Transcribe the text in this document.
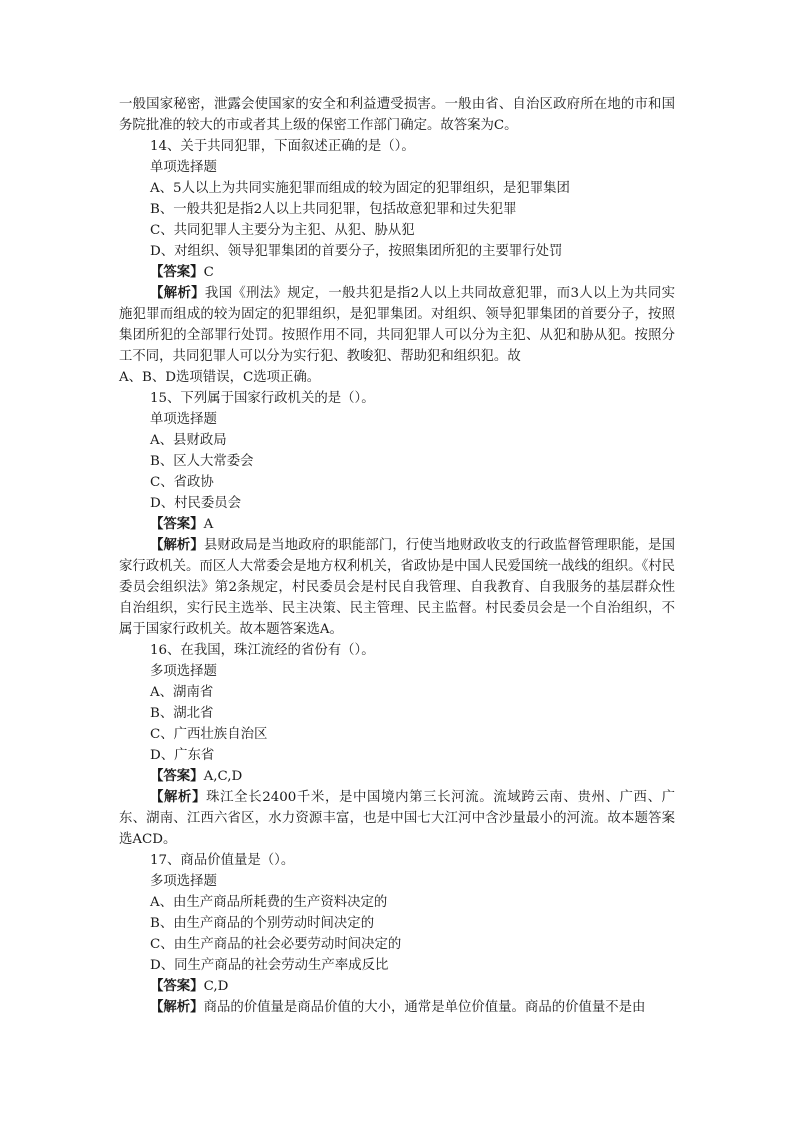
一般国家秘密，泄露会使国家的安全和利益遭受损害。一般由省、自治区政府所在地的市和国务院批准的较大的市或者其上级的保密工作部门确定。故答案为C。

14、关于共同犯罪，下面叙述正确的是（）。

单项选择题

A、5人以上为共同实施犯罪而组成的较为固定的犯罪组织，是犯罪集团

B、一般共犯是指2人以上共同犯罪，包括故意犯罪和过失犯罪

C、共同犯罪人主要分为主犯、从犯、胁从犯

D、对组织、领导犯罪集团的首要分子，按照集团所犯的主要罪行处罚

【答案】C

【解析】我国《刑法》规定，一般共犯是指2人以上共同故意犯罪，而3人以上为共同实施犯罪而组成的较为固定的犯罪组织，是犯罪集团。对组织、领导犯罪集团的首要分子，按照集团所犯的全部罪行处罚。按照作用不同，共同犯罪人可以分为主犯、从犯和胁从犯。按照分工不同，共同犯罪人可以分为实行犯、教唆犯、帮助犯和组织犯。故

A、B、D选项错误，C选项正确。

15、下列属于国家行政机关的是（）。

单项选择题

A、县财政局

B、区人大常委会

C、省政协

D、村民委员会

【答案】A

【解析】县财政局是当地政府的职能部门，行使当地财政收支的行政监督管理职能，是国家行政机关。而区人大常委会是地方权利机关，省政协是中国人民爱国统一战线的组织。《村民委员会组织法》第2条规定，村民委员会是村民自我管理、自我教育、自我服务的基层群众性自治组织，实行民主选举、民主决策、民主管理、民主监督。村民委员会是一个自治组织，不属于国家行政机关。故本题答案选A。

16、在我国，珠江流经的省份有（）。

多项选择题

A、湖南省

B、湖北省

C、广西壮族自治区

D、广东省

【答案】A,C,D

【解析】珠江全长2400千米，是中国境内第三长河流。流域跨云南、贵州、广西、广东、湖南、江西六省区，水力资源丰富，也是中国七大江河中含沙量最小的河流。故本题答案选ACD。

17、商品价值量是（）。

多项选择题

A、由生产商品所耗费的生产资料决定的

B、由生产商品的个别劳动时间决定的

C、由生产商品的社会必要劳动时间决定的

D、同生产商品的社会劳动生产率成反比

【答案】C,D

【解析】商品的价值量是商品价值的大小，通常是单位价值量。商品的价值量不是由
